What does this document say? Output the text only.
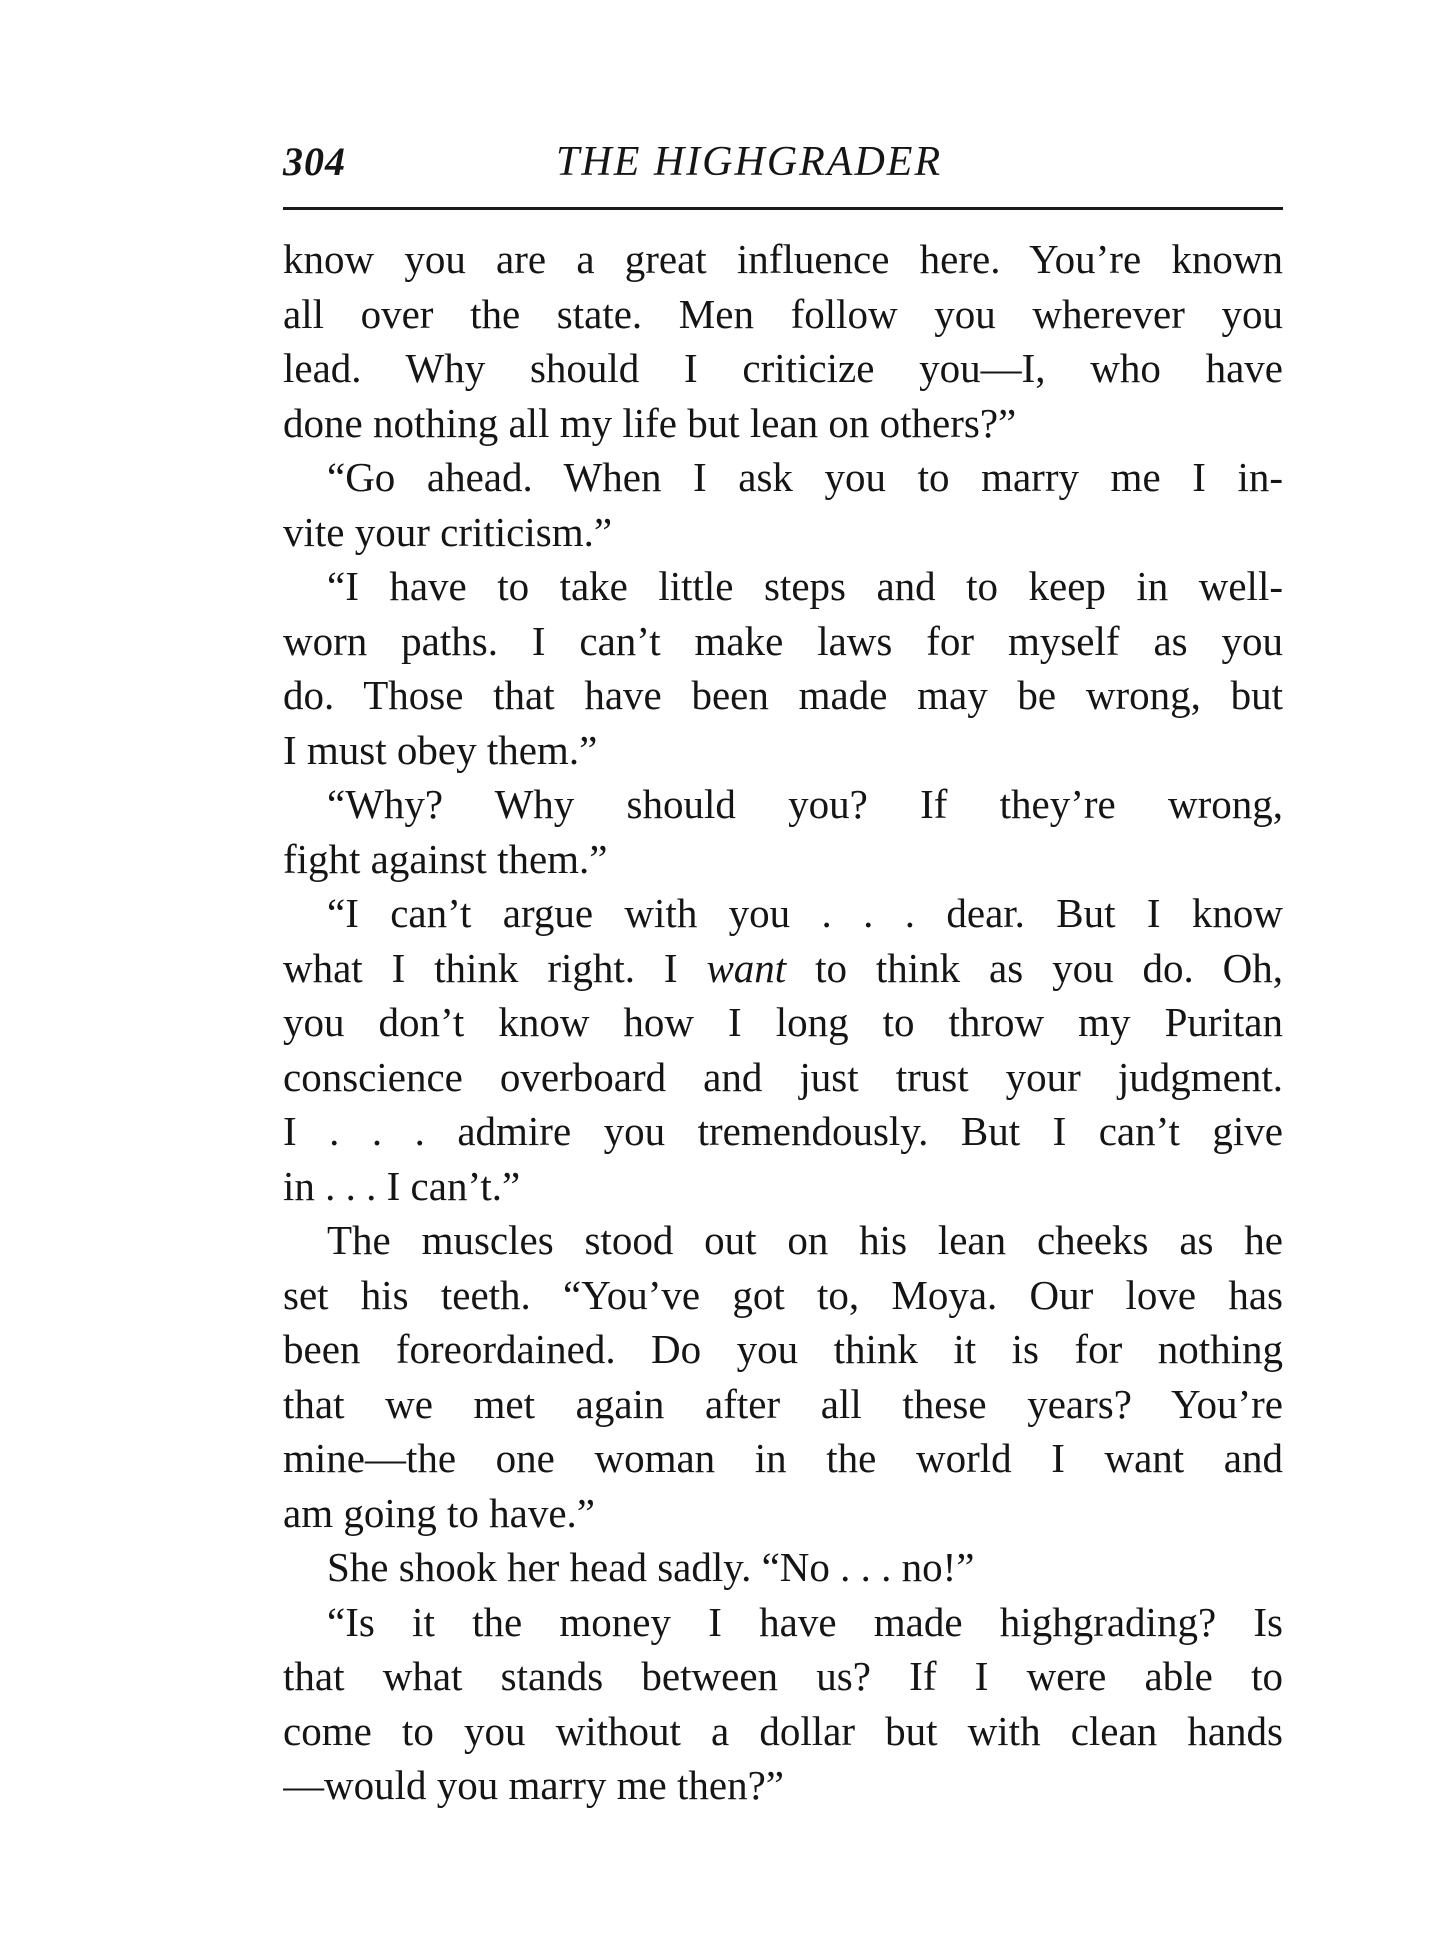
304	THE HIGHGRADER
know you are a great influence here. You’re known
all over the state. Men follow you wherever you
lead. Why should I criticize you—I, who have
done nothing all my life but lean on others?”
“Go ahead. When I ask you to marry me I in-
vite your criticism.”
“I have to take little steps and to keep in well-
worn paths. I can’t make laws for myself as you
do. Those that have been made may be wrong, but
I must obey them.”
“Why? Why should you? If they’re wrong,
fight against them.”
“I can’t argue with you . . . dear. But I know
what I think right. I want to think as you do. Oh,
you don’t know how I long to throw my Puritan
conscience overboard and just trust your judgment.
I . . . admire you tremendously. But I can’t give
in . . . I can’t.”
The muscles stood out on his lean cheeks as he
set his teeth. “You’ve got to, Moya. Our love has
been foreordained. Do you think it is for nothing
that we met again after all these years? You’re
mine—the one woman in the world I want and
am going to have.”
She shook her head sadly. “No . . . no!”
“Is it the money I have made highgrading? Is
that what stands between us? If I were able to
come to you without a dollar but with clean hands
—would you marry me then?”
